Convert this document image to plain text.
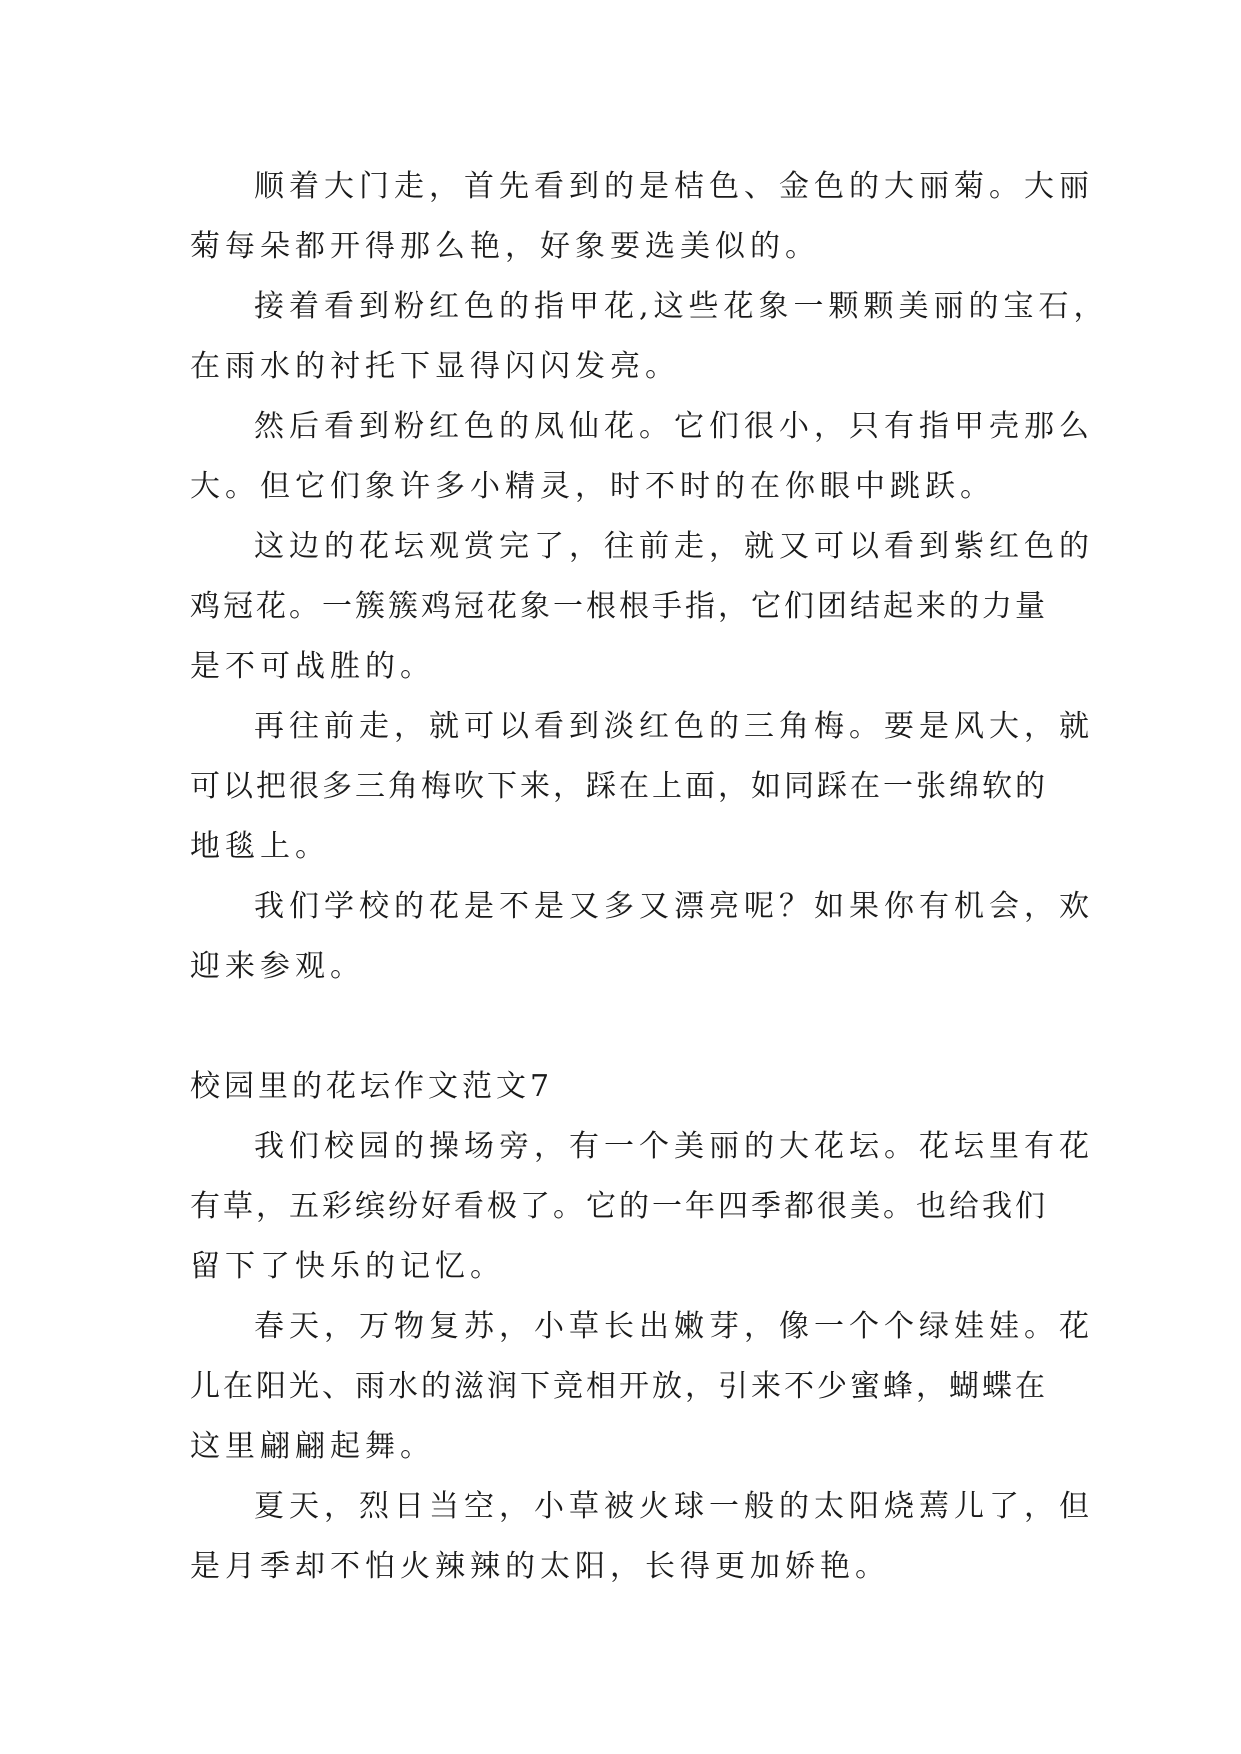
顺着大门走，首先看到的是桔色、金色的大丽菊。大丽
菊每朵都开得那么艳，好象要选美似的。
接着看到粉红色的指甲花,这些花象一颗颗美丽的宝石，
在雨水的衬托下显得闪闪发亮。
然后看到粉红色的凤仙花。它们很小，只有指甲壳那么
大。但它们象许多小精灵，时不时的在你眼中跳跃。
这边的花坛观赏完了，往前走，就又可以看到紫红色的
鸡冠花。一簇簇鸡冠花象一根根手指，它们团结起来的力量
是不可战胜的。
再往前走，就可以看到淡红色的三角梅。要是风大，就
可以把很多三角梅吹下来，踩在上面，如同踩在一张绵软的
地毯上。
我们学校的花是不是又多又漂亮呢？如果你有机会，欢
迎来参观。
校园里的花坛作文范文7
我们校园的操场旁，有一个美丽的大花坛。花坛里有花
有草，五彩缤纷好看极了。它的一年四季都很美。也给我们
留下了快乐的记忆。
春天，万物复苏，小草长出嫩芽，像一个个绿娃娃。花
儿在阳光、雨水的滋润下竞相开放，引来不少蜜蜂，蝴蝶在
这里翩翩起舞。
夏天，烈日当空，小草被火球一般的太阳烧蔫儿了，但
是月季却不怕火辣辣的太阳，长得更加娇艳。
